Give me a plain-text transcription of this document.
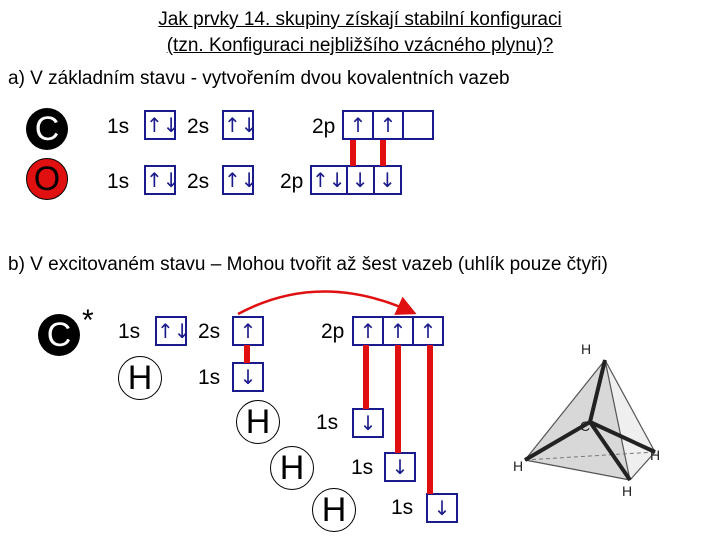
Jak prvky 14. skupiny získají stabilní konfiguraci
(tzn. Konfiguraci nejbližšího vzácného plynu)?
a) V základním stavu - vytvořením dvou kovalentních vazeb
C
O
1s ↑↓ 2s ↑↓	2p ↑ ↑
1s ↑↓ 2s ↑↓ 2p ↑↓ ↓ ↓
b) V excitovaném stavu – Mohou tvořit až šest vazeb (uhlík pouze čtyři)
C * 1s ↑↓ 2s ↑	2p ↑ ↑ ↑
H	1s ↓
H	1s ↓
H	1s ↓
H	1s ↓
H
C
H
H
H
